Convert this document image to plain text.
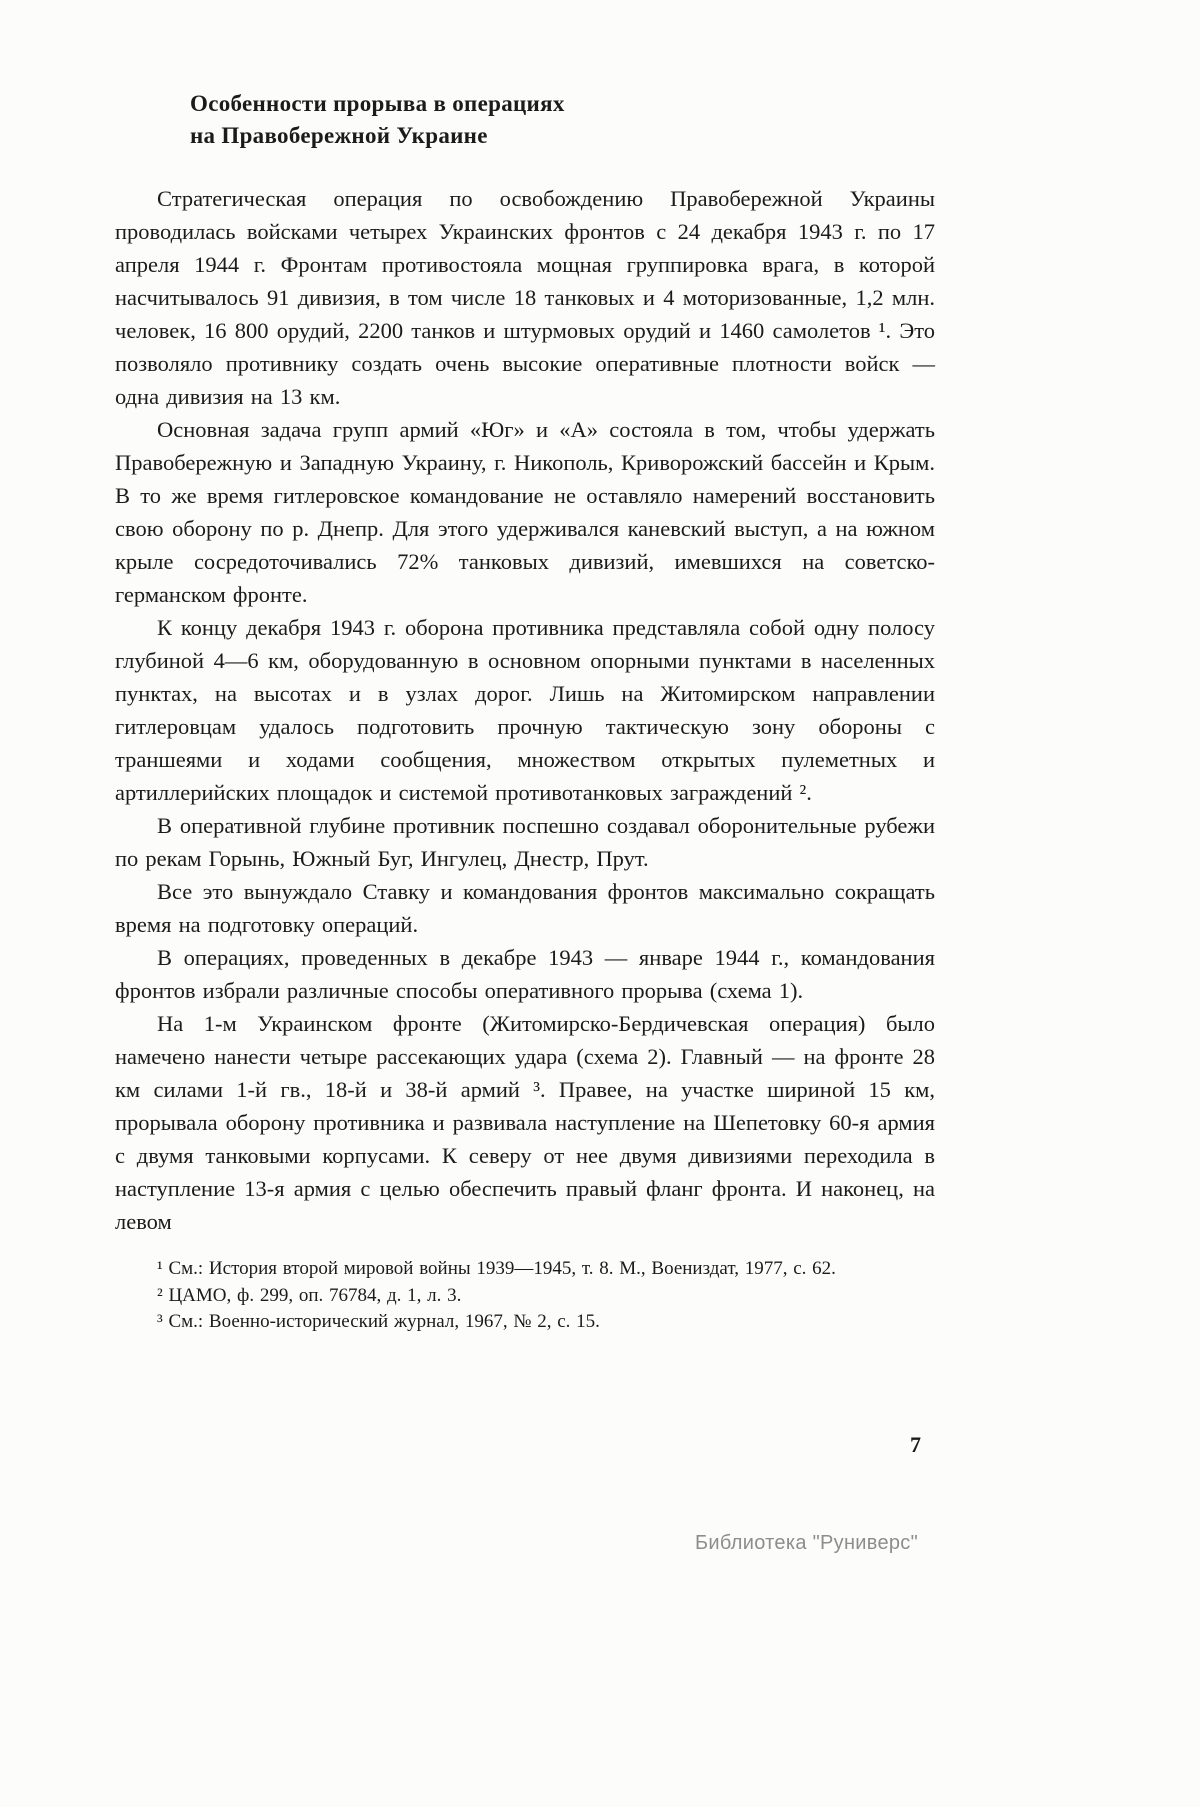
Особенности прорыва в операциях
на Правобережной Украине

Стратегическая операция по освобождению Правобережной Украины проводилась войсками четырех Украинских фронтов с 24 декабря 1943 г. по 17 апреля 1944 г. Фронтам противостояла мощная группировка врага, в которой насчитывалось 91 дивизия, в том числе 18 танковых и 4 моторизованные, 1,2 млн. человек, 16 800 орудий, 2200 танков и штурмовых орудий и 1460 самолетов ¹. Это позволяло противнику создать очень высокие оперативные плотности войск — одна дивизия на 13 км.

Основная задача групп армий «Юг» и «А» состояла в том, чтобы удержать Правобережную и Западную Украину, г. Никополь, Криворожский бассейн и Крым. В то же время гитлеровское командование не оставляло намерений восстановить свою оборону по р. Днепр. Для этого удерживался каневский выступ, а на южном крыле сосредоточивались 72% танковых дивизий, имевшихся на советско-германском фронте.

К концу декабря 1943 г. оборона противника представляла собой одну полосу глубиной 4—6 км, оборудованную в основном опорными пунктами в населенных пунктах, на высотах и в узлах дорог. Лишь на Житомирском направлении гитлеровцам удалось подготовить прочную тактическую зону обороны с траншеями и ходами сообщения, множеством открытых пулеметных и артиллерийских площадок и системой противотанковых заграждений ².

В оперативной глубине противник поспешно создавал оборонительные рубежи по рекам Горынь, Южный Буг, Ингулец, Днестр, Прут.

Все это вынуждало Ставку и командования фронтов максимально сокращать время на подготовку операций.

В операциях, проведенных в декабре 1943 — январе 1944 г., командования фронтов избрали различные способы оперативного прорыва (схема 1).

На 1-м Украинском фронте (Житомирско-Бердичевская операция) было намечено нанести четыре рассекающих удара (схема 2). Главный — на фронте 28 км силами 1-й гв., 18-й и 38-й армий ³. Правее, на участке шириной 15 км, прорывала оборону противника и развивала наступление на Шепетовку 60-я армия с двумя танковыми корпусами. К северу от нее двумя дивизиями переходила в наступление 13-я армия с целью обеспечить правый фланг фронта. И наконец, на левом

¹ См.: История второй мировой войны 1939—1945, т. 8. М., Воениздат, 1977, с. 62.

² ЦАМО, ф. 299, оп. 76784, д. 1, л. 3.

³ См.: Военно-исторический журнал, 1967, № 2, с. 15.

7
Библиотека "Руниверс"
